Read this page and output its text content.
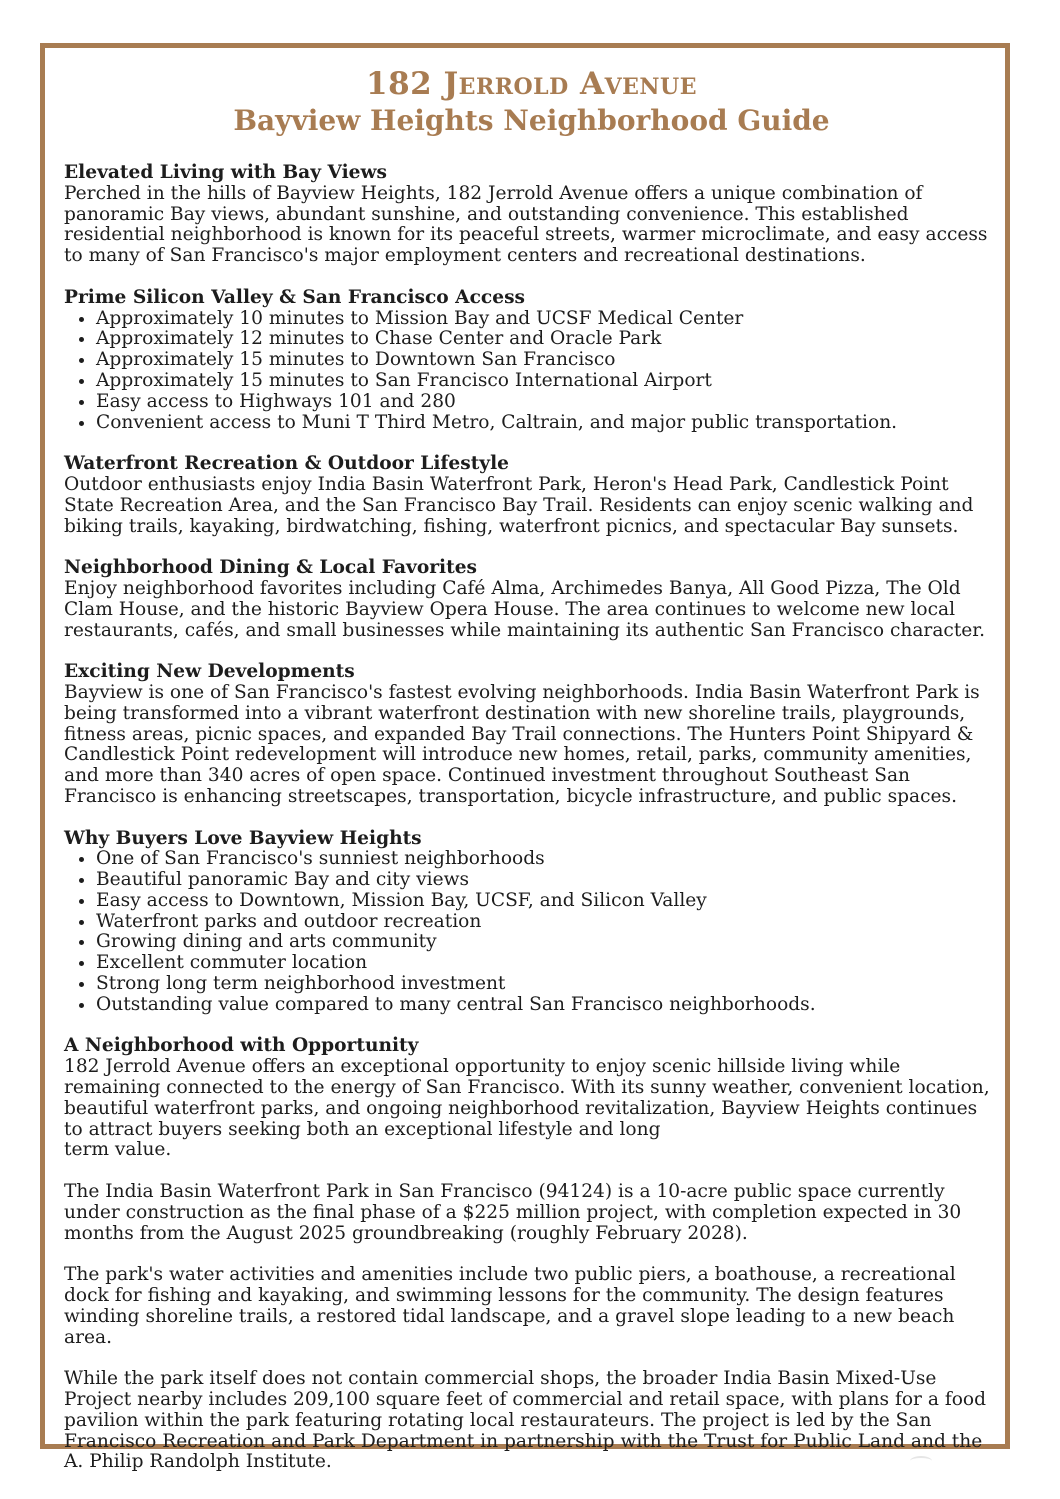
182 Jerrold Avenue
Bayview Heights Neighborhood Guide

Elevated Living with Bay Views

Perched in the hills of Bayview Heights, 182 Jerrold Avenue offers a unique combination of panoramic Bay views, abundant sunshine, and outstanding convenience. This established residential neighborhood is known for its peaceful streets, warmer microclimate, and easy access to many of San Francisco's major employment centers and recreational destinations.

Prime Silicon Valley & San Francisco Access

• Approximately 10 minutes to Mission Bay and UCSF Medical Center
• Approximately 12 minutes to Chase Center and Oracle Park
• Approximately 15 minutes to Downtown San Francisco
• Approximately 15 minutes to San Francisco International Airport
• Easy access to Highways 101 and 280
• Convenient access to Muni T Third Metro, Caltrain, and major public transportation.

Waterfront Recreation & Outdoor Lifestyle

Outdoor enthusiasts enjoy India Basin Waterfront Park, Heron's Head Park, Candlestick Point State Recreation Area, and the San Francisco Bay Trail. Residents can enjoy scenic walking and biking trails, kayaking, birdwatching, fishing, waterfront picnics, and spectacular Bay sunsets.

Neighborhood Dining & Local Favorites

Enjoy neighborhood favorites including Café Alma, Archimedes Banya, All Good Pizza, The Old Clam House, and the historic Bayview Opera House. The area continues to welcome new local restaurants, cafés, and small businesses while maintaining its authentic San Francisco character.

Exciting New Developments

Bayview is one of San Francisco's fastest evolving neighborhoods. India Basin Waterfront Park is being transformed into a vibrant waterfront destination with new shoreline trails, playgrounds, fitness areas, picnic spaces, and expanded Bay Trail connections. The Hunters Point Shipyard & Candlestick Point redevelopment will introduce new homes, retail, parks, community amenities, and more than 340 acres of open space. Continued investment throughout Southeast San Francisco is enhancing streetscapes, transportation, bicycle infrastructure, and public spaces.

Why Buyers Love Bayview Heights

• One of San Francisco's sunniest neighborhoods
• Beautiful panoramic Bay and city views
• Easy access to Downtown, Mission Bay, UCSF, and Silicon Valley
• Waterfront parks and outdoor recreation
• Growing dining and arts community
• Excellent commuter location
• Strong long term neighborhood investment
• Outstanding value compared to many central San Francisco neighborhoods.

A Neighborhood with Opportunity

182 Jerrold Avenue offers an exceptional opportunity to enjoy scenic hillside living while remaining connected to the energy of San Francisco. With its sunny weather, convenient location, beautiful waterfront parks, and ongoing neighborhood revitalization, Bayview Heights continues to attract buyers seeking both an exceptional lifestyle and long

term value.

The India Basin Waterfront Park in San Francisco (94124) is a 10-acre public space currently under construction as the final phase of a $225 million project, with completion expected in 30 months from the August 2025 groundbreaking (roughly February 2028).

The park's water activities and amenities include two public piers, a boathouse, a recreational dock for fishing and kayaking, and swimming lessons for the community. The design features winding shoreline trails, a restored tidal landscape, and a gravel slope leading to a new beach area.

While the park itself does not contain commercial shops, the broader India Basin Mixed-Use Project nearby includes 209,100 square feet of commercial and retail space, with plans for a food pavilion within the park featuring rotating local restaurateurs. The project is led by the San Francisco Recreation and Park Department in partnership with the Trust for Public Land and the A. Philip Randolph Institute.
